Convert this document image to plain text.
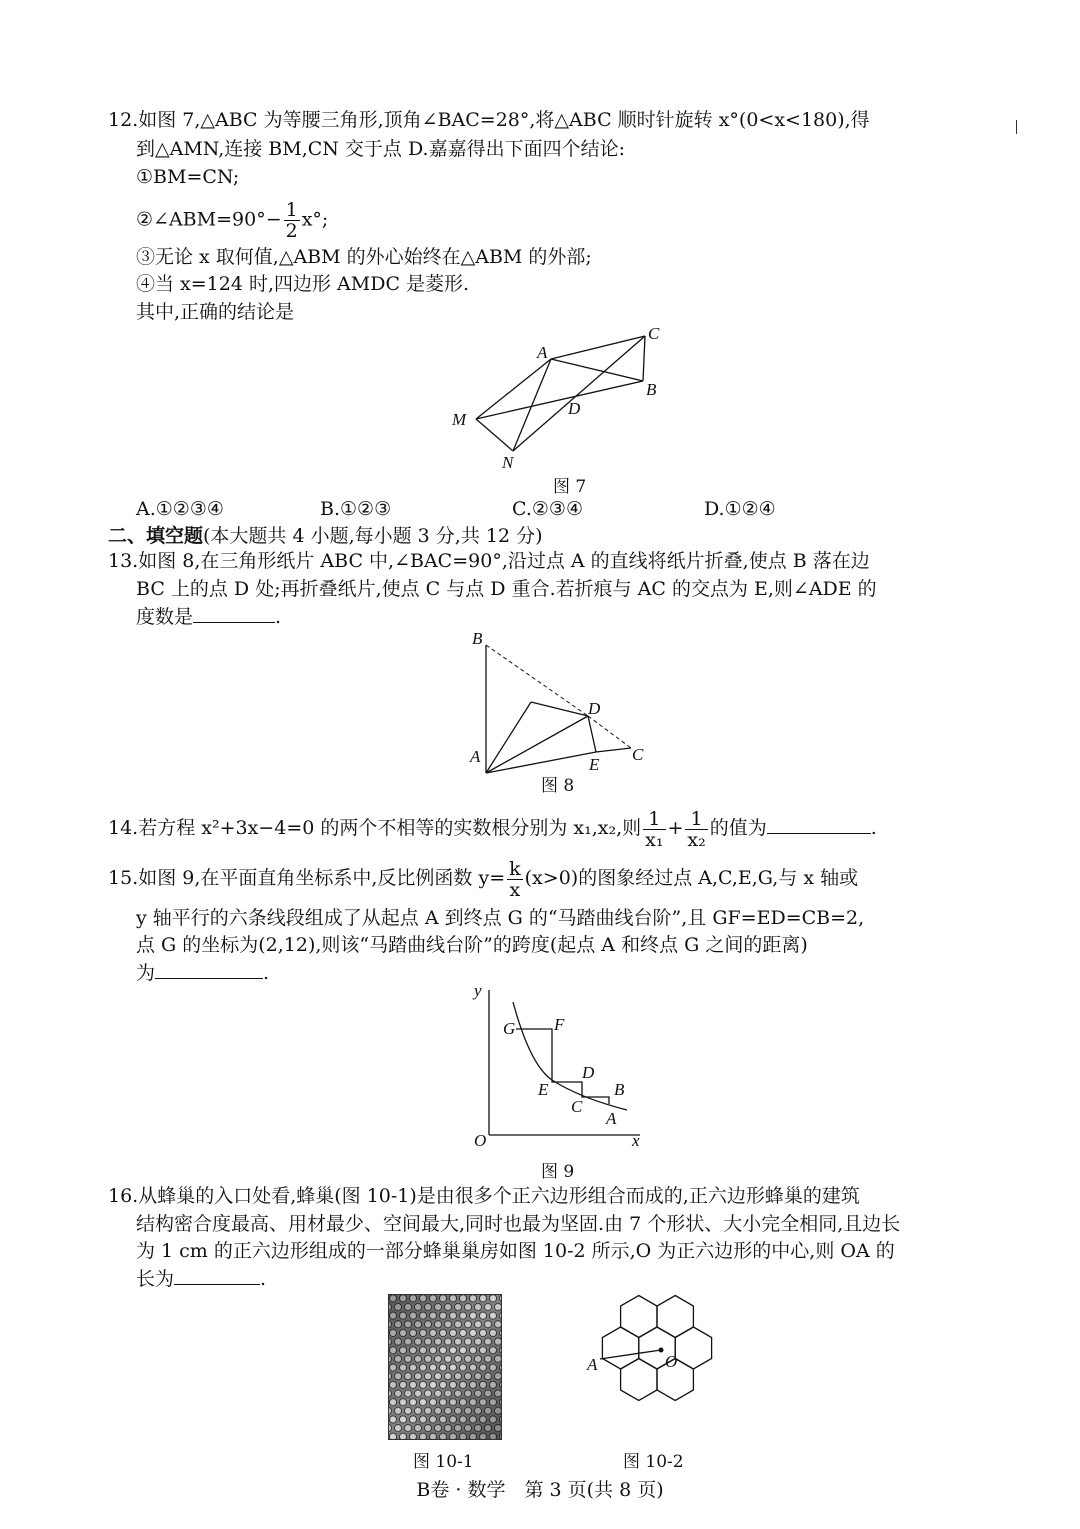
12.如图 7,△ABC 为等腰三角形,顶角∠BAC=28°,将△ABC 顺时针旋转 x°(0<x<180),得
到△AMN,连接 BM,CN 交于点 D.嘉嘉得出下面四个结论:
①BM=CN;
②∠ABM=90°− $\frac{1}{2} x^\circ$;
③无论 x 取何值,△ABM 的外心始终在△ABM 的外部;
④当 x=124 时,四边形 AMDC 是菱形.
其中,正确的结论是
A
C
B
D
M
N
图 7
A.①②③④	B.①②③	C.②③④	D.①②④
二、填空题(本大题共 4 小题,每小题 3 分,共 12 分)
13.如图 8,在三角形纸片 ABC 中,∠BAC=90°,沿过点 A 的直线将纸片折叠,使点 B 落在边
BC 上的点 D 处;再折叠纸片,使点 C 与点 D 重合.若折痕与 AC 的交点为 E,则∠ADE 的
度数是	.
B
D
C
A	E
图 8
14.若方程 x²+3x−4=0 的两个不相等的实数根分别为 x₁,x₂,则 $\frac{1}{\text{x₁}} + \frac{1}{\text{x₂}}$ 的值为	.
15.如图 9,在平面直角坐标系中,反比例函数 $y= \frac{k}{x} (x>0)$的图象经过点 A,C,E,G,与 x 轴或
y 轴平行的六条线段组成了从起点 A 到终点 G 的“马踏曲线台阶”,且 GF=ED=CB=2,
点 G 的坐标为(2,12),则该“马踏曲线台阶”的跨度(起点 A 和终点 G 之间的距离)
为	.
y
G F
D
E	B
C
A
O	x
图 9
16.从蜂巢的入口处看,蜂巢(图 10-1)是由很多个正六边形组合而成的,正六边形蜂巢的建筑
结构密合度最高、用材最少、空间最大,同时也最为坚固.由 7 个形状、大小完全相同,且边长
为 1 cm 的正六边形组成的一部分蜂巢巢房如图 10-2 所示,O 为正六边形的中心,则 OA 的
长为	.
图 10-1
A	O
图 10-2
B卷 · 数学　第 3 页(共 8 页)
